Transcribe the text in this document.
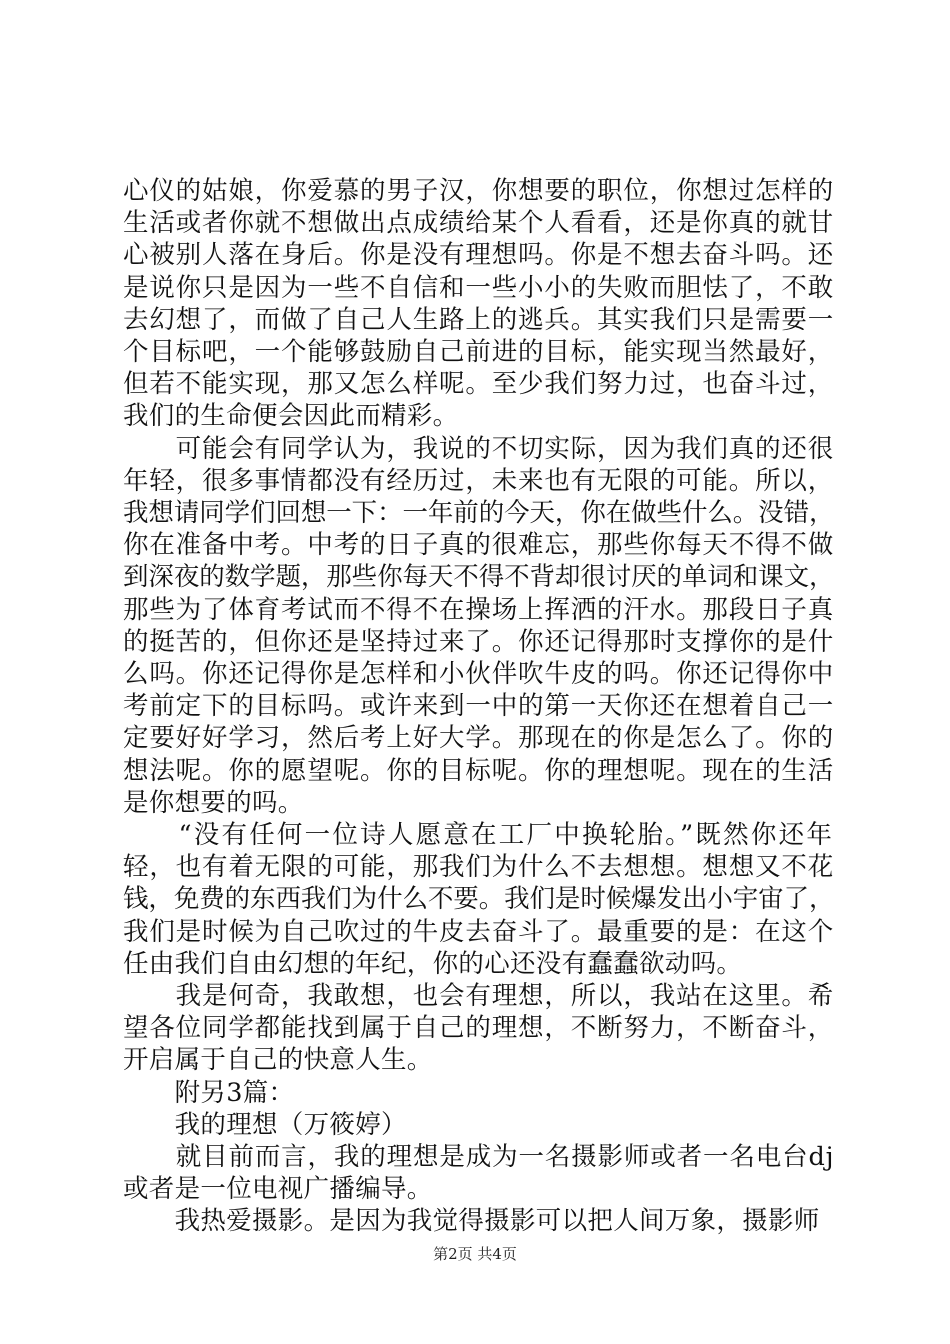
心仪的姑娘，你爱慕的男子汉，你想要的职位，你想过怎样的
生活或者你就不想做出点成绩给某个人看看，还是你真的就甘
心被别人落在身后。你是没有理想吗。你是不想去奋斗吗。还
是说你只是因为一些不自信和一些小小的失败而胆怯了，不敢
去幻想了，而做了自己人生路上的逃兵。其实我们只是需要一
个目标吧，一个能够鼓励自己前进的目标，能实现当然最好，
但若不能实现，那又怎么样呢。至少我们努力过，也奋斗过，
我们的生命便会因此而精彩。
　　可能会有同学认为，我说的不切实际，因为我们真的还很
年轻，很多事情都没有经历过，未来也有无限的可能。所以，
我想请同学们回想一下：一年前的今天，你在做些什么。没错，
你在准备中考。中考的日子真的很难忘，那些你每天不得不做
到深夜的数学题，那些你每天不得不背却很讨厌的单词和课文，
那些为了体育考试而不得不在操场上挥洒的汗水。那段日子真
的挺苦的，但你还是坚持过来了。你还记得那时支撑你的是什
么吗。你还记得你是怎样和小伙伴吹牛皮的吗。你还记得你中
考前定下的目标吗。或许来到一中的第一天你还在想着自己一
定要好好学习，然后考上好大学。那现在的你是怎么了。你的
想法呢。你的愿望呢。你的目标呢。你的理想呢。现在的生活
是你想要的吗。
　　“没有任何一位诗人愿意在工厂中换轮胎。”既然你还年
轻，也有着无限的可能，那我们为什么不去想想。想想又不花
钱，免费的东西我们为什么不要。我们是时候爆发出小宇宙了，
我们是时候为自己吹过的牛皮去奋斗了。最重要的是：在这个
任由我们自由幻想的年纪，你的心还没有蠢蠢欲动吗。
　　我是何奇，我敢想，也会有理想，所以，我站在这里。希
望各位同学都能找到属于自己的理想，不断努力，不断奋斗，
开启属于自己的快意人生。
　　附另3篇：
　　我的理想（万筱婷）
　　就目前而言，我的理想是成为一名摄影师或者一名电台dj
或者是一位电视广播编导。
　　我热爱摄影。是因为我觉得摄影可以把人间万象，摄影师
第2页 共4页
